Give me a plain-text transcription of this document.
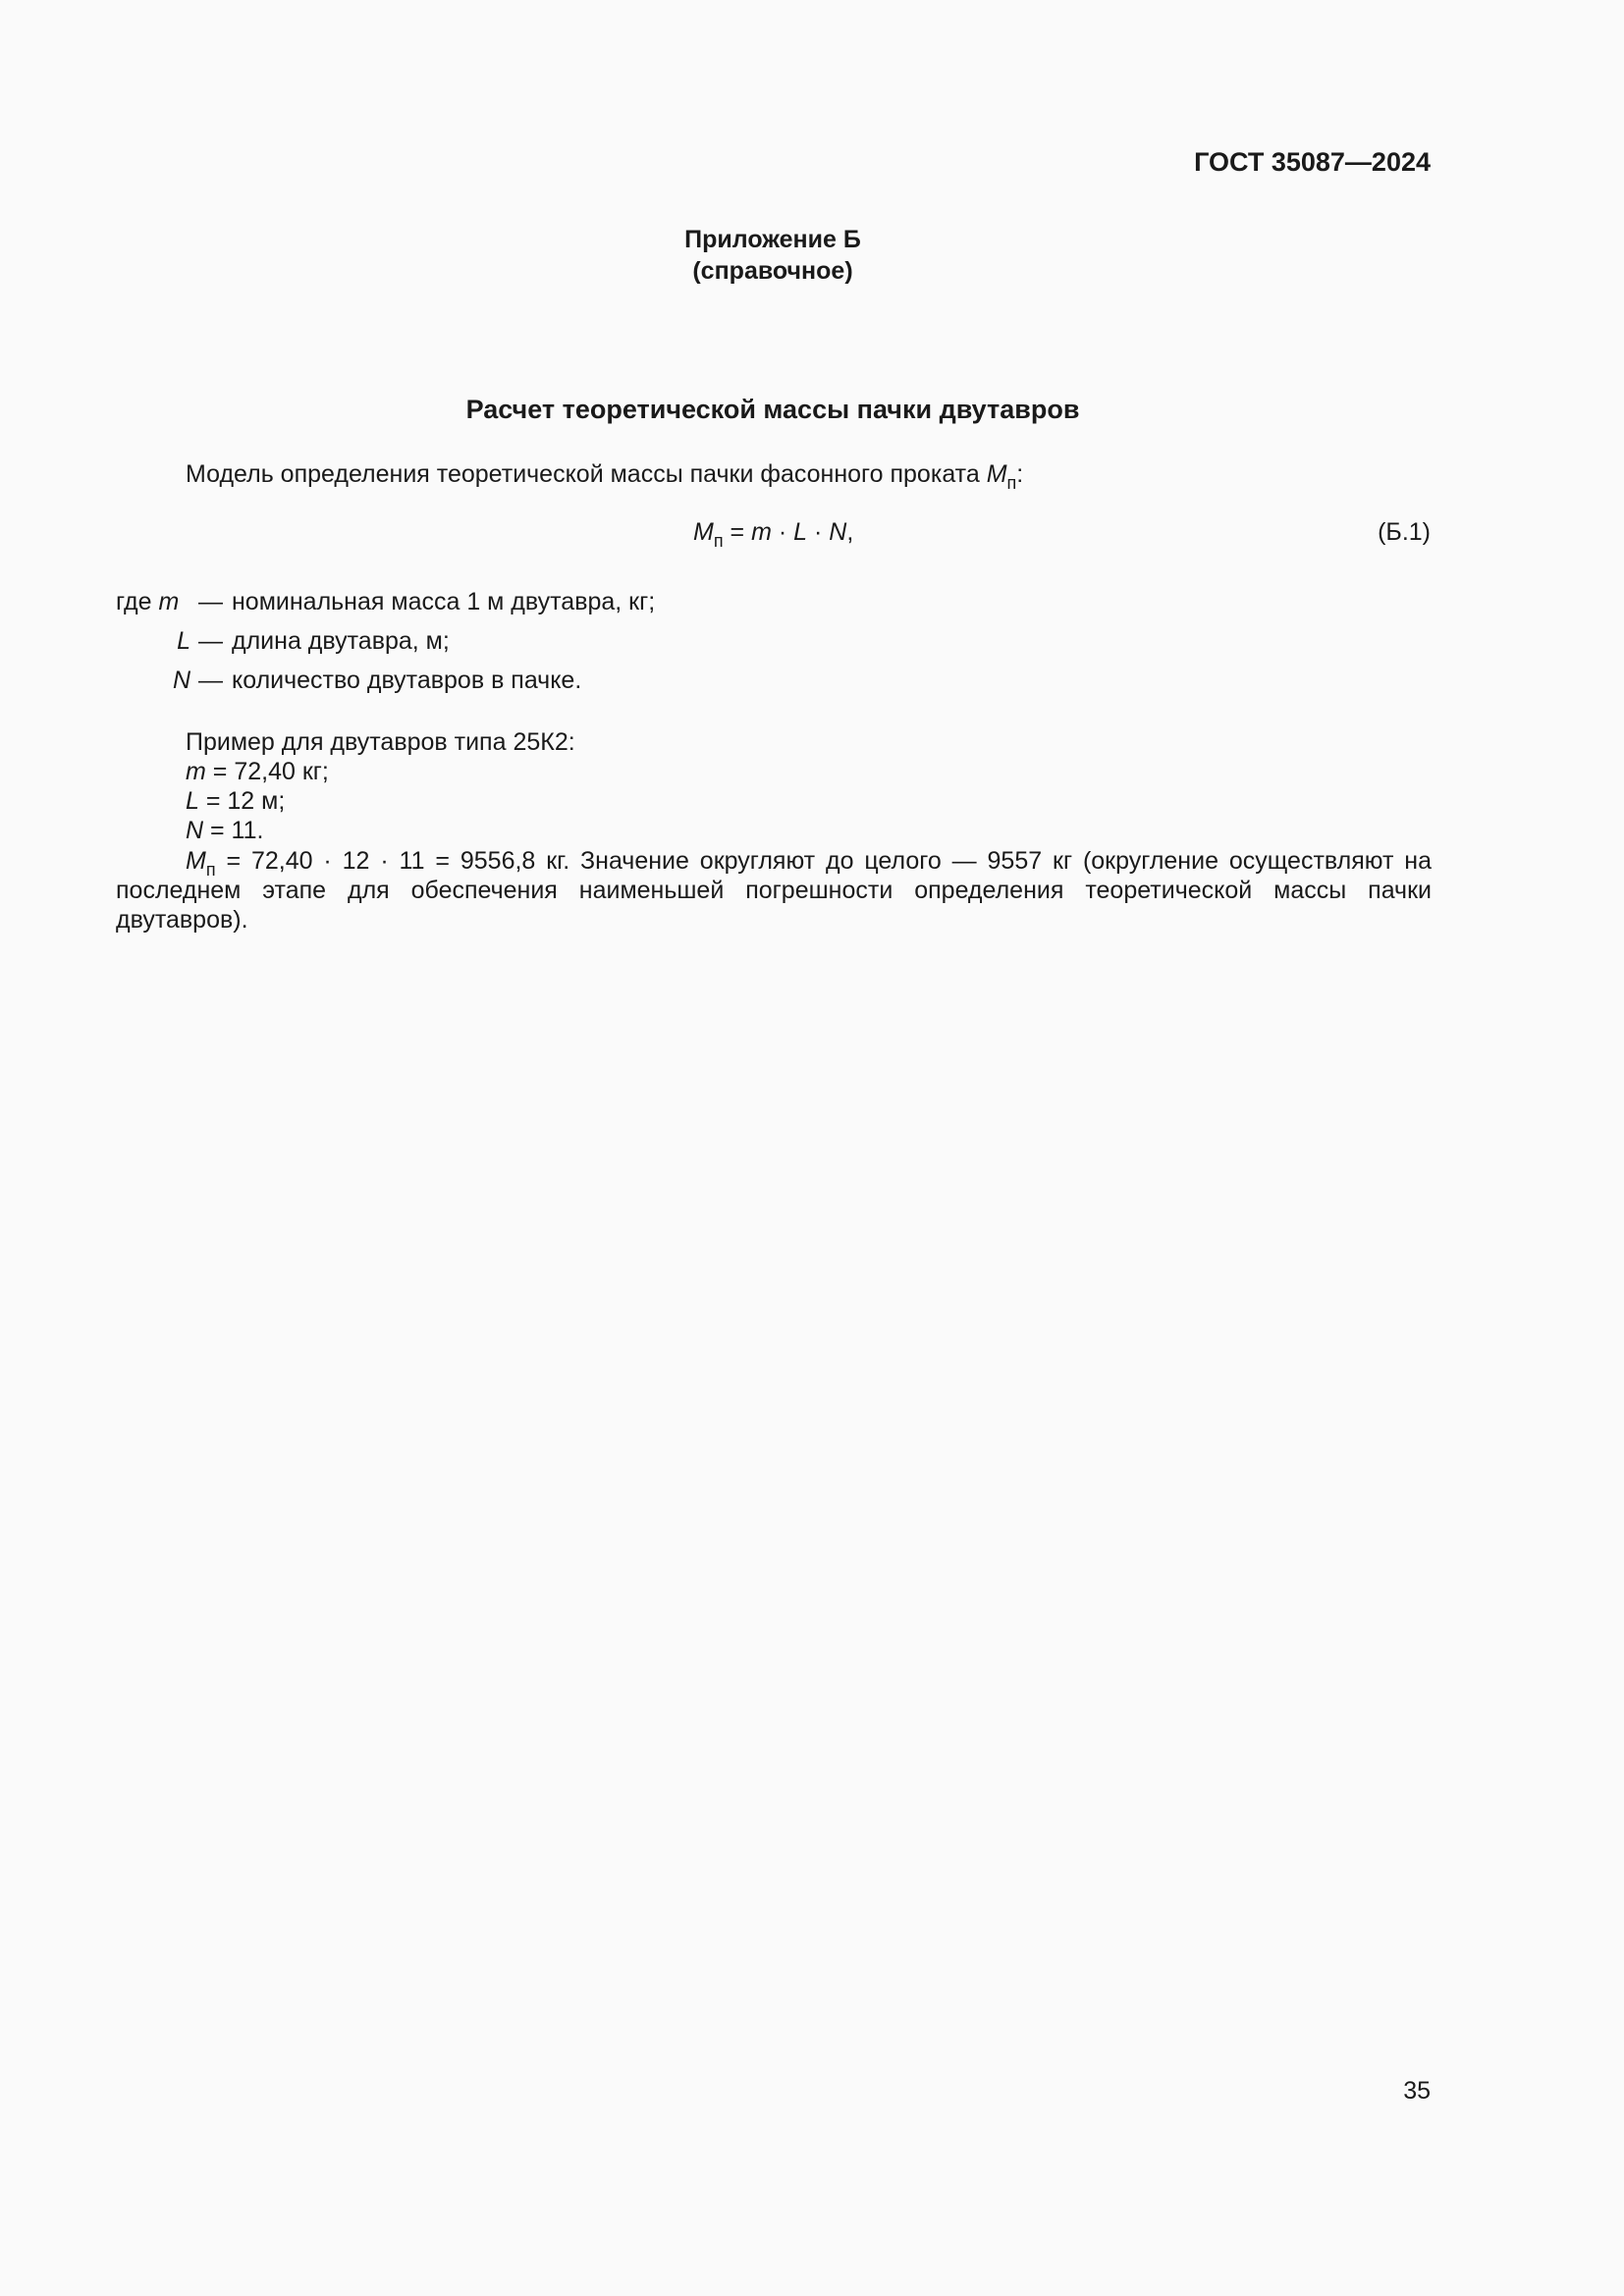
ГОСТ 35087—2024
Приложение Б
(справочное)
Расчет теоретической массы пачки двутавров
Модель определения теоретической массы пачки фасонного проката $M_п$:
$M_п = m \cdot L \cdot N$,	(Б.1)
где m — номинальная масса 1 м двутавра, кг;
L — длина двутавра, м;
N — количество двутавров в пачке.
Пример для двутавров типа 25К2:
m = 72,40 кг;
L = 12 м;
N = 11.
$M_п = 72,40 \cdot 12 \cdot 11 = 9556,8$ кг. Значение округляют до целого — 9557 кг (округление осуществляют на последнем этапе для обеспечения наименьшей погрешности определения теоретической массы пачки двутавров).
35
